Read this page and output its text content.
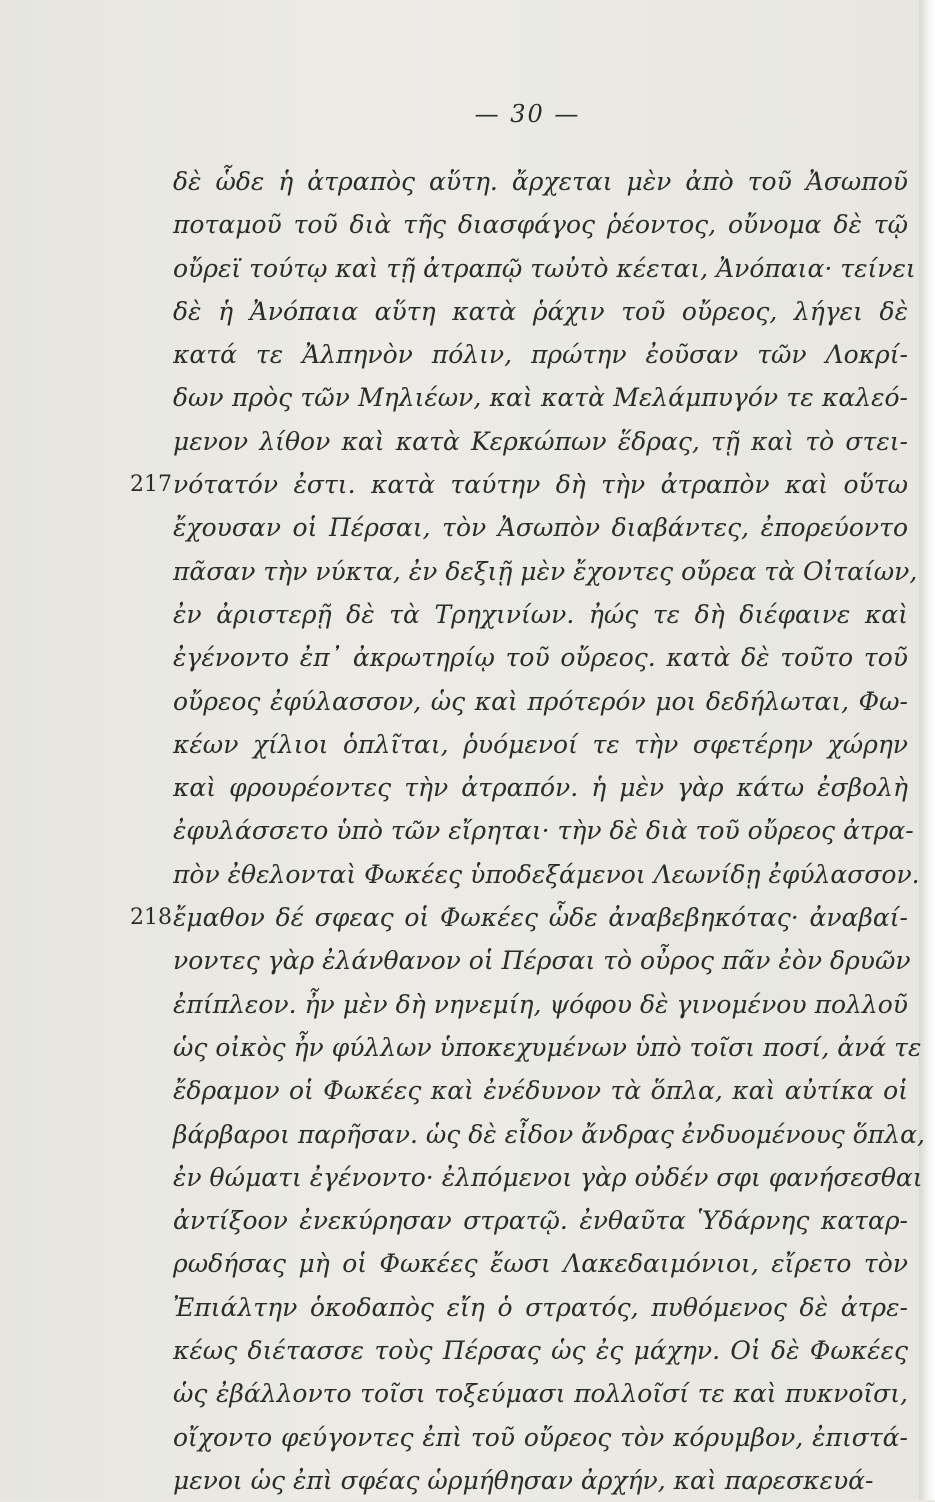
— 30 —
δὲ ὧδε ἡ ἀτραπὸς αὕτη. ἄρχεται μὲν ἀπὸ τοῦ Ἀσωποῦ
ποταμοῦ τοῦ διὰ τῆς διασφάγος ῥέοντος, οὔνομα δὲ τῷ
οὔρεϊ τούτῳ καὶ τῇ ἀτραπῷ τωὐτὸ κέεται, Ἀνόπαια· τείνει
δὲ ἡ Ἀνόπαια αὕτη κατὰ ῥάχιν τοῦ οὔρεος, λήγει δὲ
κατά τε Ἀλπηνὸν πόλιν, πρώτην ἐοῦσαν τῶν Λοκρί-
δων πρὸς τῶν Μηλιέων, καὶ κατὰ Μελάμπυγόν τε καλεό-
μενον λίθον καὶ κατὰ Κερκώπων ἕδρας, τῇ καὶ τὸ στει-
217 νότατόν ἐστι. κατὰ ταύτην δὴ τὴν ἀτραπὸν καὶ οὕτω
ἔχουσαν οἱ Πέρσαι, τὸν Ἀσωπὸν διαβάντες, ἐπορεύοντο
πᾶσαν τὴν νύκτα, ἐν δεξιῇ μὲν ἔχοντες οὔρεα τὰ Οἰταίων,
ἐν ἀριστερῇ δὲ τὰ Τρηχινίων. ἠώς τε δὴ διέφαινε καὶ
ἐγένοντο ἐπ᾽ ἀκρωτηρίῳ τοῦ οὔρεος. κατὰ δὲ τοῦτο τοῦ
οὔρεος ἐφύλασσον, ὡς καὶ πρότερόν μοι δεδήλωται, Φω-
κέων χίλιοι ὁπλῖται, ῥυόμενοί τε τὴν σφετέρην χώρην
καὶ φρουρέοντες τὴν ἀτραπόν. ἡ μὲν γὰρ κάτω ἐσβολὴ
ἐφυλάσσετο ὑπὸ τῶν εἴρηται· τὴν δὲ διὰ τοῦ οὔρεος ἀτρα-
πὸν ἐθελονταὶ Φωκέες ὑποδεξάμενοι Λεωνίδῃ ἐφύλασσον.
218 ἔμαθον δέ σφεας οἱ Φωκέες ὧδε ἀναβεβηκότας· ἀναβαί-
νοντες γὰρ ἐλάνθανον οἱ Πέρσαι τὸ οὖρος πᾶν ἐὸν δρυῶν
ἐπίπλεον. ἦν μὲν δὴ νηνεμίη, ψόφου δὲ γινομένου πολλοῦ
ὡς οἰκὸς ἦν φύλλων ὑποκεχυμένων ὑπὸ τοῖσι ποσί, ἀνά τε
ἔδραμον οἱ Φωκέες καὶ ἐνέδυνον τὰ ὅπλα, καὶ αὐτίκα οἱ
βάρβαροι παρῆσαν. ὡς δὲ εἶδον ἄνδρας ἐνδυομένους ὅπλα,
ἐν θώματι ἐγένοντο· ἐλπόμενοι γὰρ οὐδέν σφι φανήσεσθαι
ἀντίξοον ἐνεκύρησαν στρατῷ. ἐνθαῦτα Ὑδάρνης καταρ-
ρωδήσας μὴ οἱ Φωκέες ἔωσι Λακεδαιμόνιοι, εἴρετο τὸν
Ἐπιάλτην ὁκοδαπὸς εἴη ὁ στρατός, πυθόμενος δὲ ἀτρε-
κέως διέτασσε τοὺς Πέρσας ὡς ἐς μάχην. Οἱ δὲ Φωκέες
ὡς ἐβάλλοντο τοῖσι τοξεύμασι πολλοῖσί τε καὶ πυκνοῖσι,
οἴχοντο φεύγοντες ἐπὶ τοῦ οὔρεος τὸν κόρυμβον, ἐπιστά-
μενοι ὡς ἐπὶ σφέας ὡρμήθησαν ἀρχήν, καὶ παρεσκευά-
